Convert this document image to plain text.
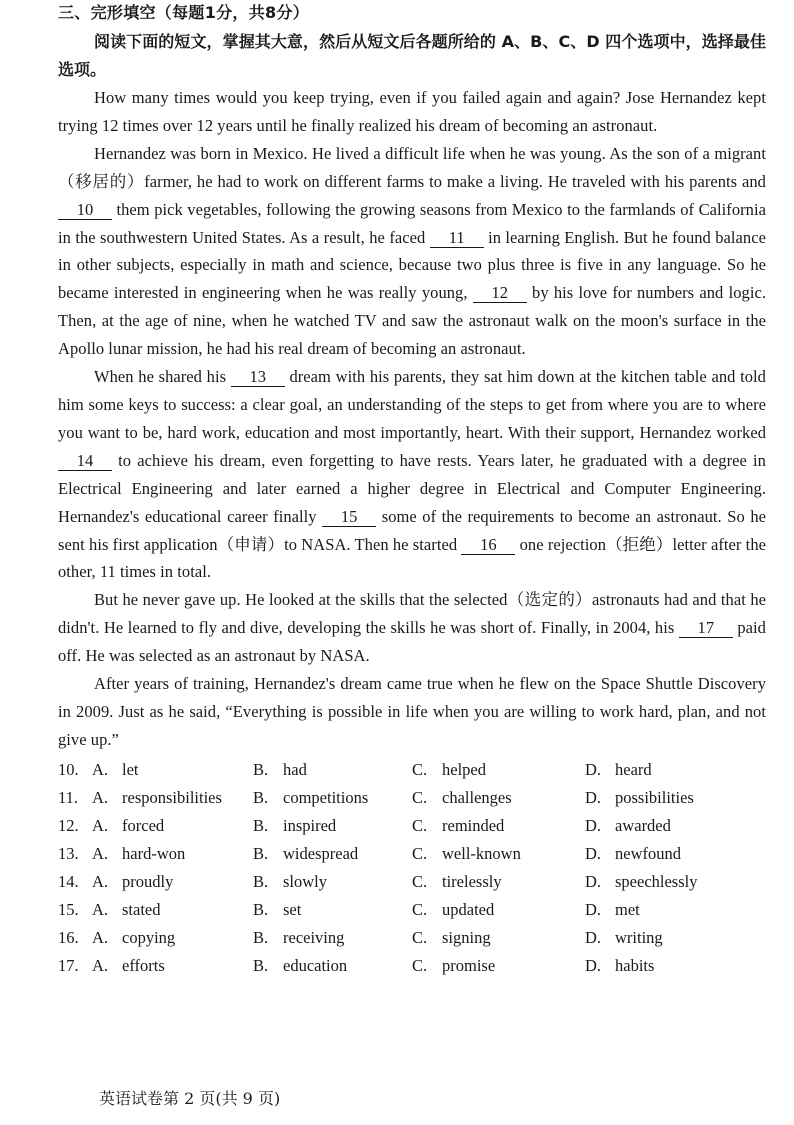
三、完形填空（每题1分，共8分）

阅读下面的短文，掌握其大意，然后从短文后各题所给的 A、B、C、D 四个选项中，选择最佳选项。

How many times would you keep trying, even if you failed again and again? Jose Hernandez kept trying 12 times over 12 years until he finally realized his dream of becoming an astronaut.

Hernandez was born in Mexico. He lived a difficult life when he was young. As the son of a migrant（移居的）farmer, he had to work on different farms to make a living. He traveled with his parents and 10 them pick vegetables, following the growing seasons from Mexico to the farmlands of California in the southwestern United States. As a result, he faced 11 in learning English. But he found balance in other subjects, especially in math and science, because two plus three is five in any language. So he became interested in engineering when he was really young, 12 by his love for numbers and logic. Then, at the age of nine, when he watched TV and saw the astronaut walk on the moon's surface in the Apollo lunar mission, he had his real dream of becoming an astronaut.

When he shared his 13 dream with his parents, they sat him down at the kitchen table and told him some keys to success: a clear goal, an understanding of the steps to get from where you are to where you want to be, hard work, education and most importantly, heart. With their support, Hernandez worked 14 to achieve his dream, even forgetting to have rests. Years later, he graduated with a degree in Electrical Engineering and later earned a higher degree in Electrical and Computer Engineering. Hernandez's educational career finally 15 some of the requirements to become an astronaut. So he sent his first application（申请）to NASA. Then he started 16 one rejection（拒绝）letter after the other, 11 times in total.

But he never gave up. He looked at the skills that the selected（选定的）astronauts had and that he didn't. He learned to fly and dive, developing the skills he was short of. Finally, in 2004, his 17 paid off. He was selected as an astronaut by NASA.

After years of training, Hernandez's dream came true when he flew on the Space Shuttle Discovery in 2009. Just as he said, “Everything is possible in life when you are willing to work hard, plan, and not give up.”

10. A. let	B. had	C. helped	D. heard
11. A. responsibilities B. competitions	C. challenges	D. possibilities
12. A. forced	B. inspired	C. reminded	D. awarded
13. A. hard-won	B. widespread	C. well-known	D. newfound
14. A. proudly	B. slowly	C. tirelessly	D. speechlessly
15. A. stated	B. set	C. updated	D. met
16. A. copying	B. receiving	C. signing	D. writing
17. A. efforts	B. education	C. promise	D. habits
英语试卷第 2 页(共 9 页)
